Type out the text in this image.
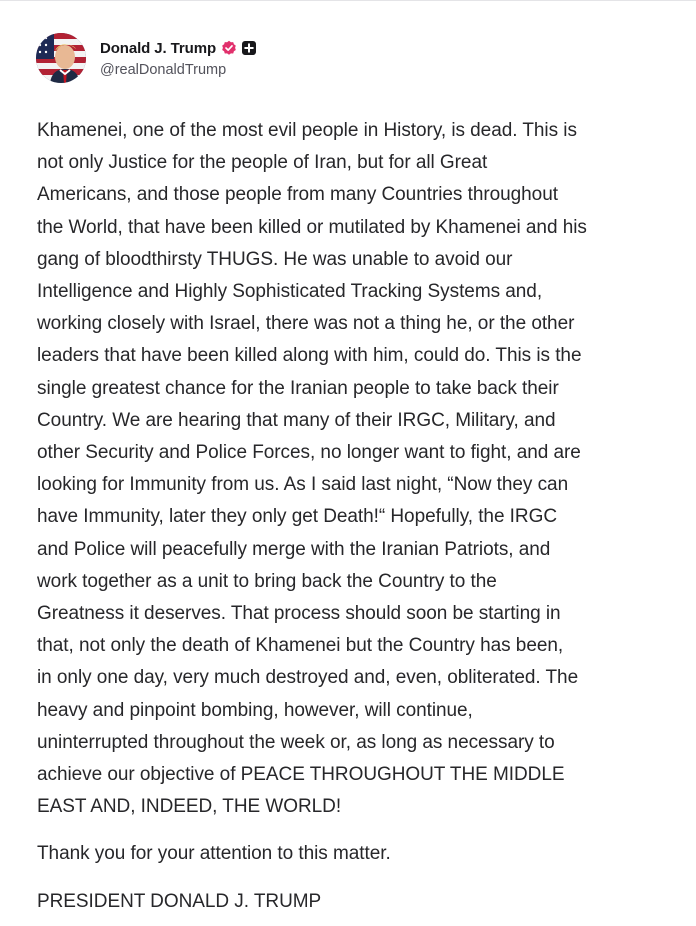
Donald J. Trump
@realDonaldTrump

Khamenei, one of the most evil people in History, is dead. This is
not only Justice for the people of Iran, but for all Great
Americans, and those people from many Countries throughout
the World, that have been killed or mutilated by Khamenei and his
gang of bloodthirsty THUGS. He was unable to avoid our
Intelligence and Highly Sophisticated Tracking Systems and,
working closely with Israel, there was not a thing he, or the other
leaders that have been killed along with him, could do. This is the
single greatest chance for the Iranian people to take back their
Country. We are hearing that many of their IRGC, Military, and
other Security and Police Forces, no longer want to fight, and are
looking for Immunity from us. As I said last night, “Now they can
have Immunity, later they only get Death!“ Hopefully, the IRGC
and Police will peacefully merge with the Iranian Patriots, and
work together as a unit to bring back the Country to the
Greatness it deserves. That process should soon be starting in
that, not only the death of Khamenei but the Country has been,
in only one day, very much destroyed and, even, obliterated. The
heavy and pinpoint bombing, however, will continue,
uninterrupted throughout the week or, as long as necessary to
achieve our objective of PEACE THROUGHOUT THE MIDDLE
EAST AND, INDEED, THE WORLD!

Thank you for your attention to this matter.

PRESIDENT DONALD J. TRUMP
